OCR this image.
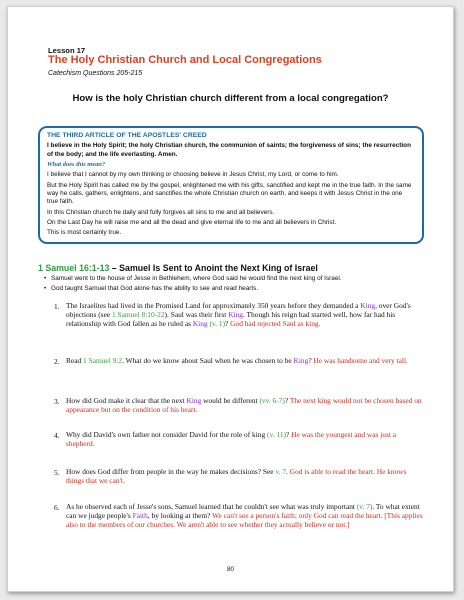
Lesson 17
The Holy Christian Church and Local Congregations
Catechism Questions 205-215
How is the holy Christian church different from a local congregation?

THE THIRD ARTICLE OF THE APOSTLES' CREED

I believe in the Holy Spirit; the holy Christian church, the communion of saints; the forgiveness of sins; the resurrection of the body; and the life everlasting. Amen.

What does this mean?

I believe that I cannot by my own thinking or choosing believe in Jesus Christ, my Lord, or come to him.

But the Holy Spirit has called me by the gospel, enlightened me with his gifts, sanctified and kept me in the true faith. In the same way he calls, gathers, enlightens, and sanctifies the whole Christian church on earth, and keeps it with Jesus Christ in the one true faith.

In this Christian church he daily and fully forgives all sins to me and all believers.

On the Last Day he will raise me and all the dead and give eternal life to me and all believers in Christ.

This is most certainly true.

1 Samuel 16:1-13 – Samuel Is Sent to Anoint the Next King of Israel
• Samuel went to the house of Jesse in Bethlehem, where God said he would find the next king of Israel.
• God taught Samuel that God alone has the ability to see and read hearts.
1. The Israelites had lived in the Promised Land for approximately 350 years before they demanded a King, over God's objections (see 1 Samuel 8:10-22). Saul was their first King. Though his reign had started well, how far had his relationship with God fallen as he ruled as King (v. 1)? God had rejected Saul as king.
2. Read 1 Samuel 9:2. What do we know about Saul when he was chosen to be King? He was handsome and very tall.
3. How did God make it clear that the next King would be different (vv. 6-7)? The next king would not be chosen based on appearance but on the condition of his heart.
4. Why did David's own father not consider David for the role of king (v. 11)? He was the youngest and was just a shepherd.
5. How does God differ from people in the way he makes decisions? See v. 7. God is able to read the heart. He knows things that we can't.
6. As he observed each of Jesse's sons, Samuel learned that he couldn't see what was truly important (v. 7). To what extent can we judge people's Faith, by looking at them? We can't see a person's faith; only God can read the heart. [This applies also to the members of our churches. We aren't able to see whether they actually believe or not.]
80
